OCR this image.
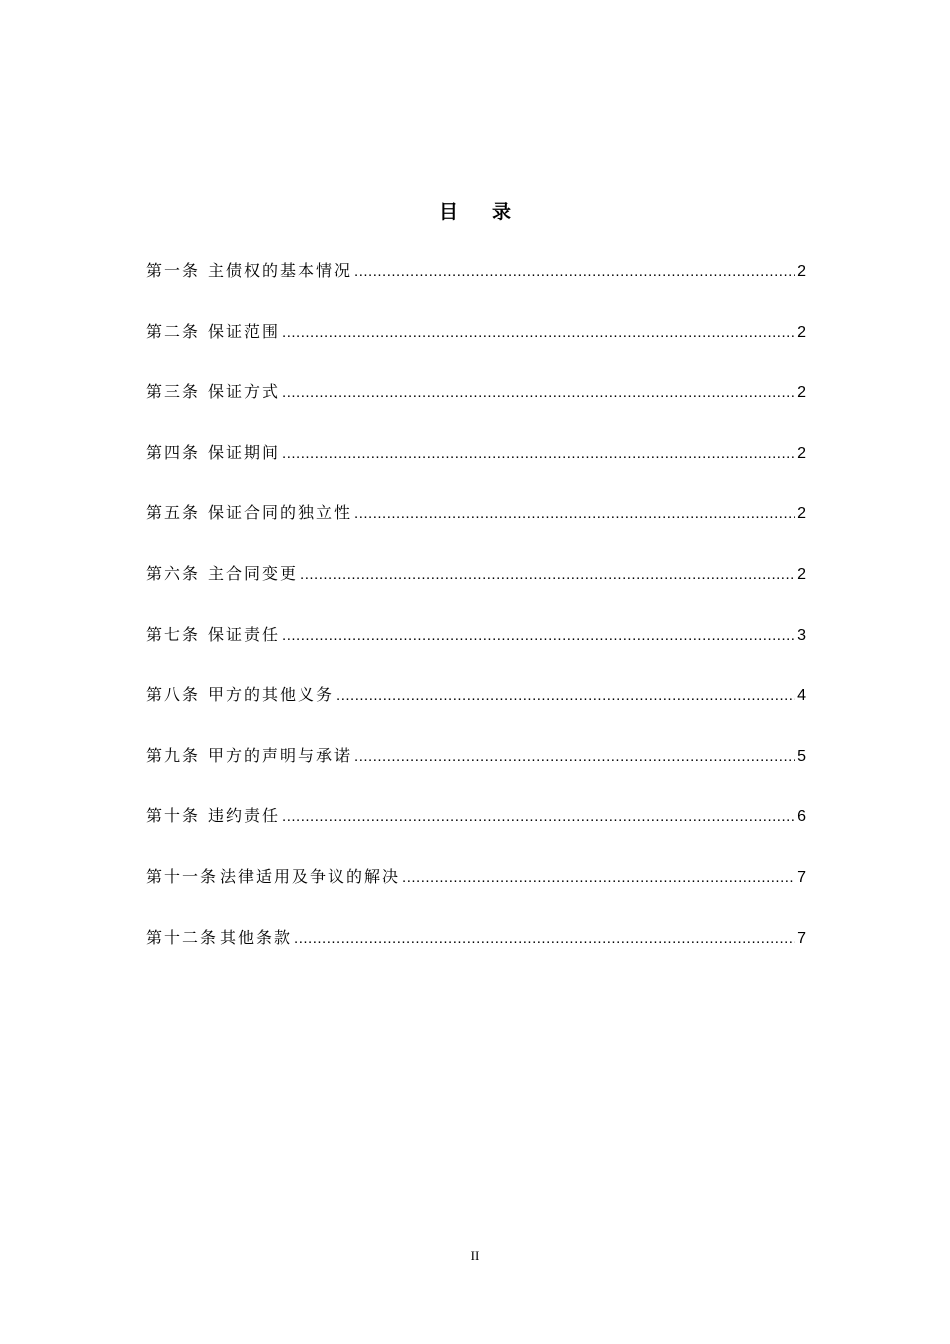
目录
第一条 主债权的基本情况 .....	2
第二条 保证范围 .....	2
第三条 保证方式 .....	2
第四条 保证期间 .....	2
第五条 保证合同的独立性 .....	2
第六条 主合同变更 .....	2
第七条 保证责任 .....	3
第八条 甲方的其他义务 .....	4
第九条 甲方的声明与承诺 .....	5
第十条 违约责任 .....	6
第十一条 法律适用及争议的解决 .....	7
第十二条 其他条款 .....	7
II
